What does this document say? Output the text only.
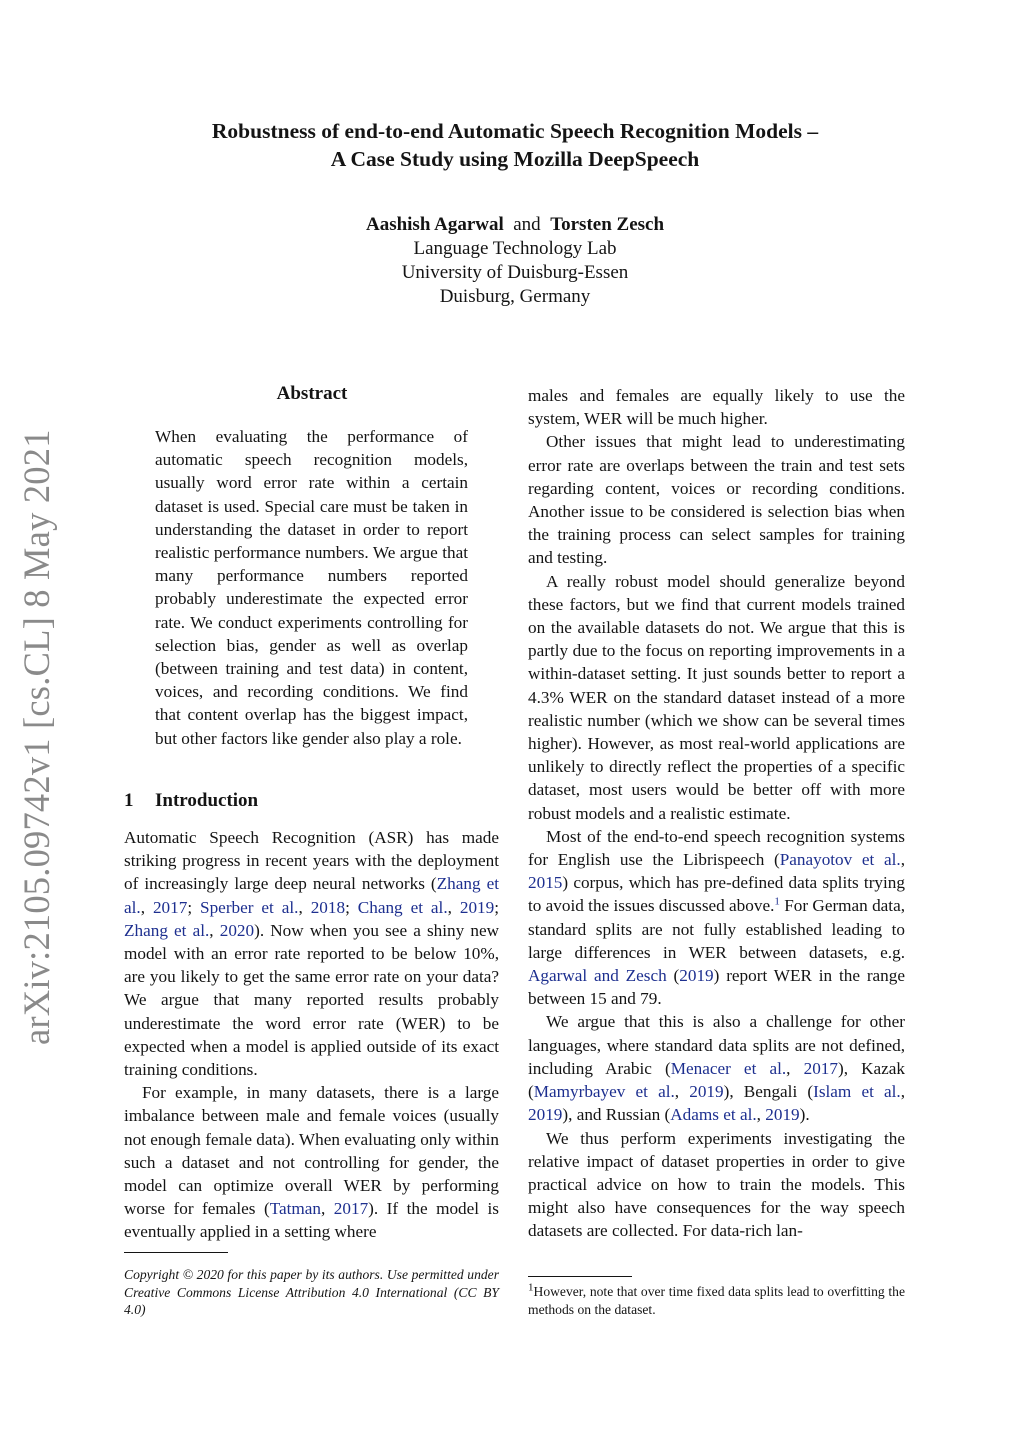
arXiv:2105.09742v1 [cs.CL] 8 May 2021
Robustness of end-to-end Automatic Speech Recognition Models –
A Case Study using Mozilla DeepSpeech
Aashish Agarwal and Torsten Zesch
Language Technology Lab
University of Duisburg-Essen
Duisburg, Germany
Abstract

When evaluating the performance of automatic speech recognition models, usually word error rate within a certain dataset is used. Special care must be taken in understanding the dataset in order to report realistic performance numbers. We argue that many performance numbers reported probably underestimate the expected error rate. We conduct experiments controlling for selection bias, gender as well as overlap (between training and test data) in content, voices, and recording conditions. We find that content overlap has the biggest impact, but other factors like gender also play a role.

1 Introduction

Automatic Speech Recognition (ASR) has made striking progress in recent years with the deployment of increasingly large deep neural networks (Zhang et al., 2017; Sperber et al., 2018; Chang et al., 2019; Zhang et al., 2020). Now when you see a shiny new model with an error rate reported to be below 10%, are you likely to get the same error rate on your data? We argue that many reported results probably underestimate the word error rate (WER) to be expected when a model is applied outside of its exact training conditions.

For example, in many datasets, there is a large imbalance between male and female voices (usually not enough female data). When evaluating only within such a dataset and not controlling for gender, the model can optimize overall WER by performing worse for females (Tatman, 2017). If the model is eventually applied in a setting where

Copyright © 2020 for this paper by its authors. Use permitted under Creative Commons License Attribution 4.0 International (CC BY 4.0)

males and females are equally likely to use the system, WER will be much higher.

Other issues that might lead to underestimating error rate are overlaps between the train and test sets regarding content, voices or recording conditions. Another issue to be considered is selection bias when the training process can select samples for training and testing.

A really robust model should generalize beyond these factors, but we find that current models trained on the available datasets do not. We argue that this is partly due to the focus on reporting improvements in a within-dataset setting. It just sounds better to report a 4.3% WER on the standard dataset instead of a more realistic number (which we show can be several times higher). However, as most real-world applications are unlikely to directly reflect the properties of a specific dataset, most users would be better off with more robust models and a realistic estimate.

Most of the end-to-end speech recognition systems for English use the Librispeech (Panayotov et al., 2015) corpus, which has pre-defined data splits trying to avoid the issues discussed above.$^1$ For German data, standard splits are not fully established leading to large differences in WER between datasets, e.g. Agarwal and Zesch (2019) report WER in the range between 15 and 79.

We argue that this is also a challenge for other languages, where standard data splits are not defined, including Arabic (Menacer et al., 2017), Kazak (Mamyrbayev et al., 2019), Bengali (Islam et al., 2019), and Russian (Adams et al., 2019).

We thus perform experiments investigating the relative impact of dataset properties in order to give practical advice on how to train the models. This might also have consequences for the way speech datasets are collected. For data-rich lan-

$^1$However, note that over time fixed data splits lead to overfitting the methods on the dataset.
